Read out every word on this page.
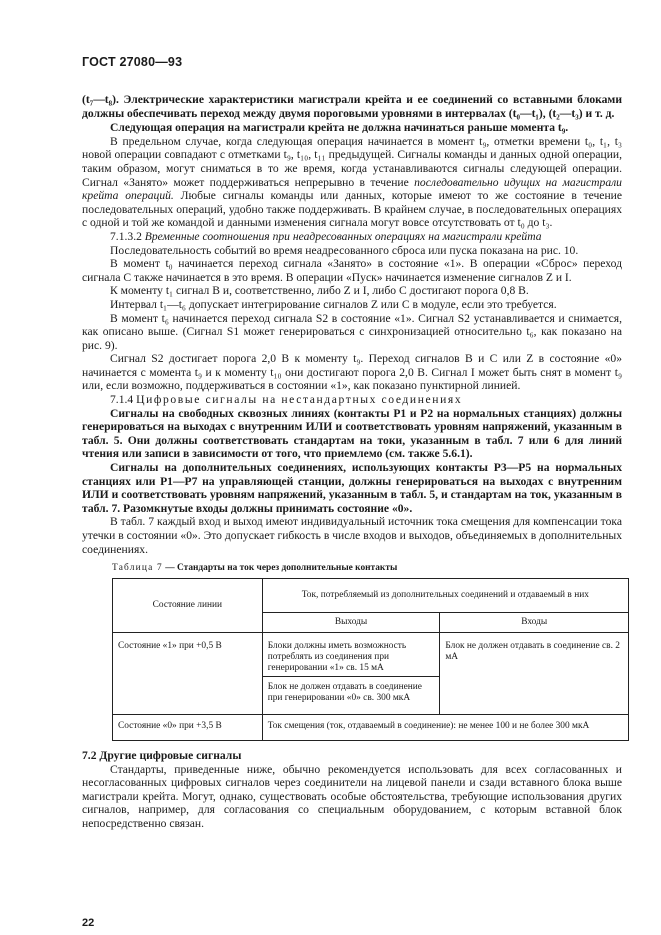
ГОСТ 27080—93

(t₇—t₈). Электрические характеристики магистрали крейта и ее соединений со вставными блоками должны обеспечивать переход между двумя пороговыми уровнями в интервалах (t₀—t₁), (t₂—t₃) и т. д.

Следующая операция на магистрали крейта не должна начинаться раньше момента t₉.

В предельном случае, когда следующая операция начинается в момент t₉, отметки времени t₀, t₁, t₃ новой операции совпадают с отметками t₉, t₁₀, t₁₁ предыдущей. Сигналы команды и данных одной операции, таким образом, могут сниматься в то же время, когда устанавливаются сигналы следующей операции. Сигнал «Занято» может поддерживаться непрерывно в течение последовательно идущих на магистрали крейта операций. Любые сигналы команды или данных, которые имеют то же состояние в течение последовательных операций, удобно также поддерживать. В крайнем случае, в последовательных операциях с одной и той же командой и данными изменения сигнала могут вовсе отсутствовать от t₀ до t₃.

7.1.3.2 Временные соотношения при неадресованных операциях на магистрали крейта

Последовательность событий во время неадресованного сброса или пуска показана на рис. 10.

В момент t₀ начинается переход сигнала «Занято» в состояние «1». В операции «Сброс» переход сигнала С также начинается в это время. В операции «Пуск» начинается изменение сигналов Z и I.

К моменту t₁ сигнал В и, соответственно, либо Z и I, либо С достигают порога 0,8 В.

Интервал t₁—t₆ допускает интегрирование сигналов Z или С в модуле, если это требуется.

В момент t₆ начинается переход сигнала S2 в состояние «1». Сигнал S2 устанавливается и снимается, как описано выше. (Сигнал S1 может генерироваться с синхронизацией относительно t₆, как показано на рис. 9).

Сигнал S2 достигает порога 2,0 В к моменту t₉. Переход сигналов В и С или Z в состояние «0» начинается с момента t₉ и к моменту t₁₀ они достигают порога 2,0 В. Сигнал I может быть снят в момент t₉ или, если возможно, поддерживаться в состоянии «1», как показано пунктирной линией.

7.1.4 Цифровые сигналы на нестандартных соединениях

Сигналы на свободных сквозных линиях (контакты Р1 и Р2 на нормальных станциях) должны генерироваться на выходах с внутренним ИЛИ и соответствовать уровням напряжений, указанным в табл. 5. Они должны соответствовать стандартам на токи, указанным в табл. 7 или 6 для линий чтения или записи в зависимости от того, что приемлемо (см. также 5.6.1).

Сигналы на дополнительных соединениях, использующих контакты Р3—Р5 на нормальных станциях или Р1—Р7 на управляющей станции, должны генерироваться на выходах с внутренним ИЛИ и соответствовать уровням напряжений, указанным в табл. 5, и стандартам на ток, указанным в табл. 7. Разомкнутые входы должны принимать состояние «0».

В табл. 7 каждый вход и выход имеют индивидуальный источник тока смещения для компенсации тока утечки в состоянии «0». Это допускает гибкость в числе входов и выходов, объединяемых в дополнительных соединениях.

Таблица 7 — Стандарты на ток через дополнительные контакты
Состояние линии	Ток, потребляемый из дополнительных соединений и отдаваемый в них	
	Выходы	Входы
Состояние «1» при +0,5 В	Блоки должны иметь возможность потреблять из соединения при генерировании «1» св. 15 мА	Блок не должен отдавать в соединение св. 2 мА
	Блок не должен отдавать в соединение при генерировании «0» св. 300 мкА	
Состояние «0» при +3,5 В	Ток смещения (ток, отдаваемый в соединение): не менее 100 и не более 300 мкА	

7.2 Другие цифровые сигналы

Стандарты, приведенные ниже, обычно рекомендуется использовать для всех согласованных и несогласованных цифровых сигналов через соединители на лицевой панели и сзади вставного блока выше магистрали крейта. Могут, однако, существовать особые обстоятельства, требующие использования других сигналов, например, для согласования со специальным оборудованием, с которым вставной блок непосредственно связан.

22
